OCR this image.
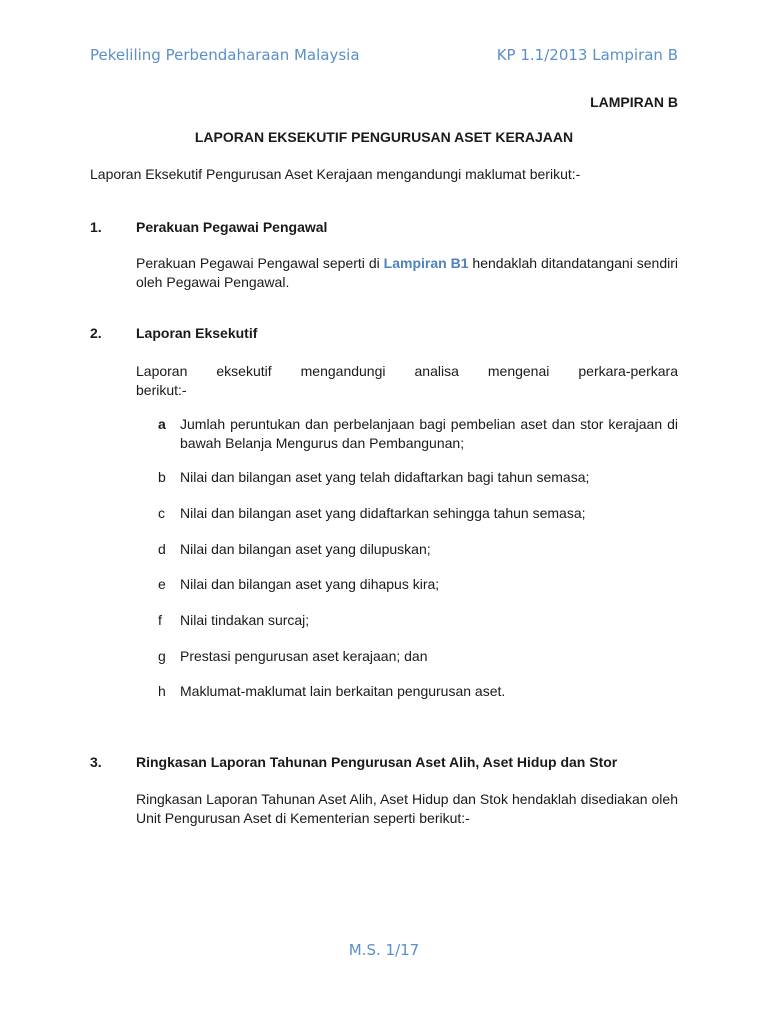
Pekeliling Perbendaharaan Malaysia	KP 1.1/2013 Lampiran B
LAMPIRAN B
LAPORAN EKSEKUTIF PENGURUSAN ASET KERAJAAN
Laporan Eksekutif Pengurusan Aset Kerajaan mengandungi maklumat berikut:-
1. Perakuan Pegawai Pengawal
Perakuan Pegawai Pengawal seperti di Lampiran B1 hendaklah ditandatangani sendiri oleh Pegawai Pengawal.
2. Laporan Eksekutif
Laporan eksekutif mengandungi analisa mengenai perkara-perkara
berikut:-
a Jumlah peruntukan dan perbelanjaan bagi pembelian aset dan stor kerajaan di bawah Belanja Mengurus dan Pembangunan;
b Nilai dan bilangan aset yang telah didaftarkan bagi tahun semasa;
c Nilai dan bilangan aset yang didaftarkan sehingga tahun semasa;
d Nilai dan bilangan aset yang dilupuskan;
e Nilai dan bilangan aset yang dihapus kira;
f Nilai tindakan surcaj;
g Prestasi pengurusan aset kerajaan; dan
h Maklumat-maklumat lain berkaitan pengurusan aset.
3. Ringkasan Laporan Tahunan Pengurusan Aset Alih, Aset Hidup dan Stor
Ringkasan Laporan Tahunan Aset Alih, Aset Hidup dan Stok hendaklah disediakan oleh Unit Pengurusan Aset di Kementerian seperti berikut:-
M.S. 1/17
